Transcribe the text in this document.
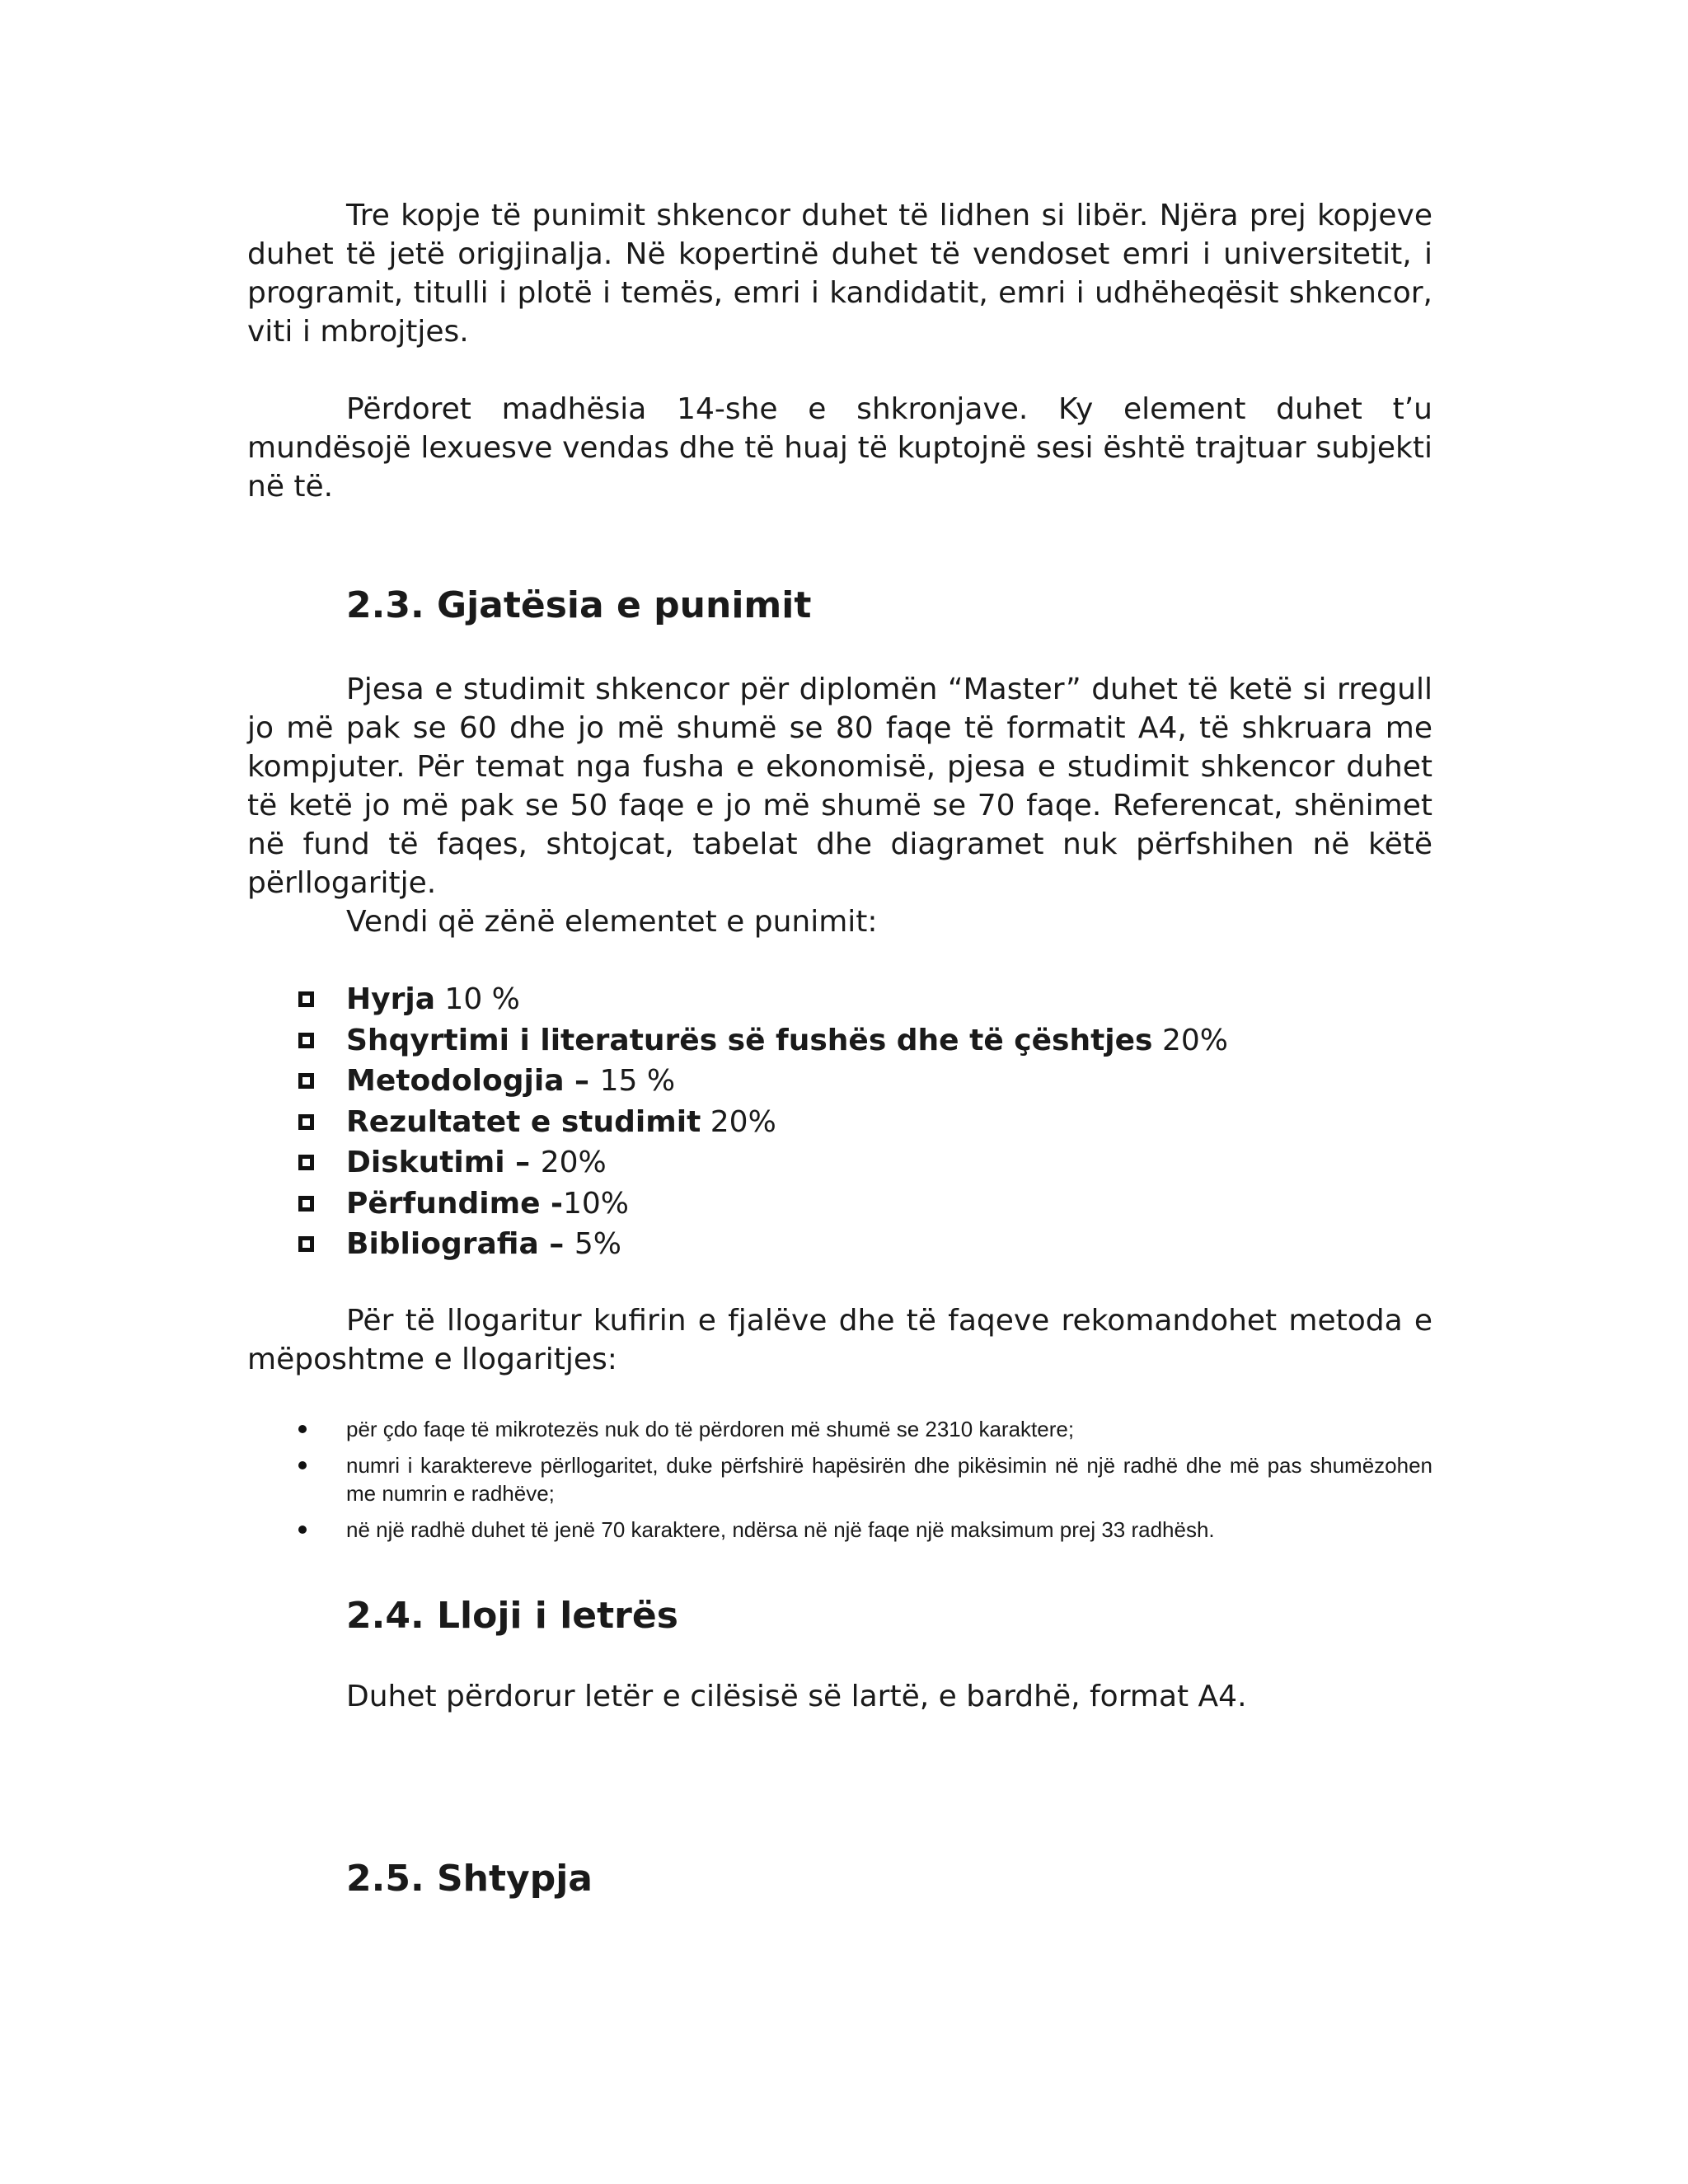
Tre kopje të punimit shkencor duhet të lidhen si libër. Njëra prej kopjeve duhet të jetë origjinalja. Në kopertinë duhet të vendoset emri i universitetit, i programit, titulli i plotë i temës, emri i kandidatit, emri i udhëheqësit shkencor, viti i mbrojtjes.

Përdoret madhësia 14-she e shkronjave. Ky element duhet t’u mundësojë lexuesve vendas dhe të huaj të kuptojnë sesi është trajtuar subjekti në të.

2.3. Gjatësia e punimit

Pjesa e studimit shkencor për diplomën “Master” duhet të ketë si rregull jo më pak se 60 dhe jo më shumë se 80 faqe të formatit A4, të shkruara me kompjuter. Për temat nga fusha e ekonomisë, pjesa e studimit shkencor duhet të ketë jo më pak se 50 faqe e jo më shumë se 70 faqe. Referencat, shënimet në fund të faqes, shtojcat, tabelat dhe diagramet nuk përfshihen në këtë përllogaritje.

Vendi që zënë elementet e punimit:

Hyrja 10 %
Shqyrtimi i literaturës së fushës dhe të çështjes 20%
Metodologjia – 15 %
Rezultatet e studimit 20%
Diskutimi – 20%
Përfundime -10%
Bibliografia – 5%

Për të llogaritur kufirin e fjalëve dhe të faqeve rekomandohet metoda e mëposhtme e llogaritjes:

për çdo faqe të mikrotezës nuk do të përdoren më shumë se 2310 karaktere;
numri i karaktereve përllogaritet, duke përfshirë hapësirën dhe pikësimin në një radhë dhe më pas shumëzohen me numrin e radhëve;
në një radhë duhet të jenë 70 karaktere, ndërsa në një faqe një maksimum prej 33 radhësh.
2.4. Lloji i letrës

Duhet përdorur letër e cilësisë së lartë, e bardhë, format A4.

2.5. Shtypja
